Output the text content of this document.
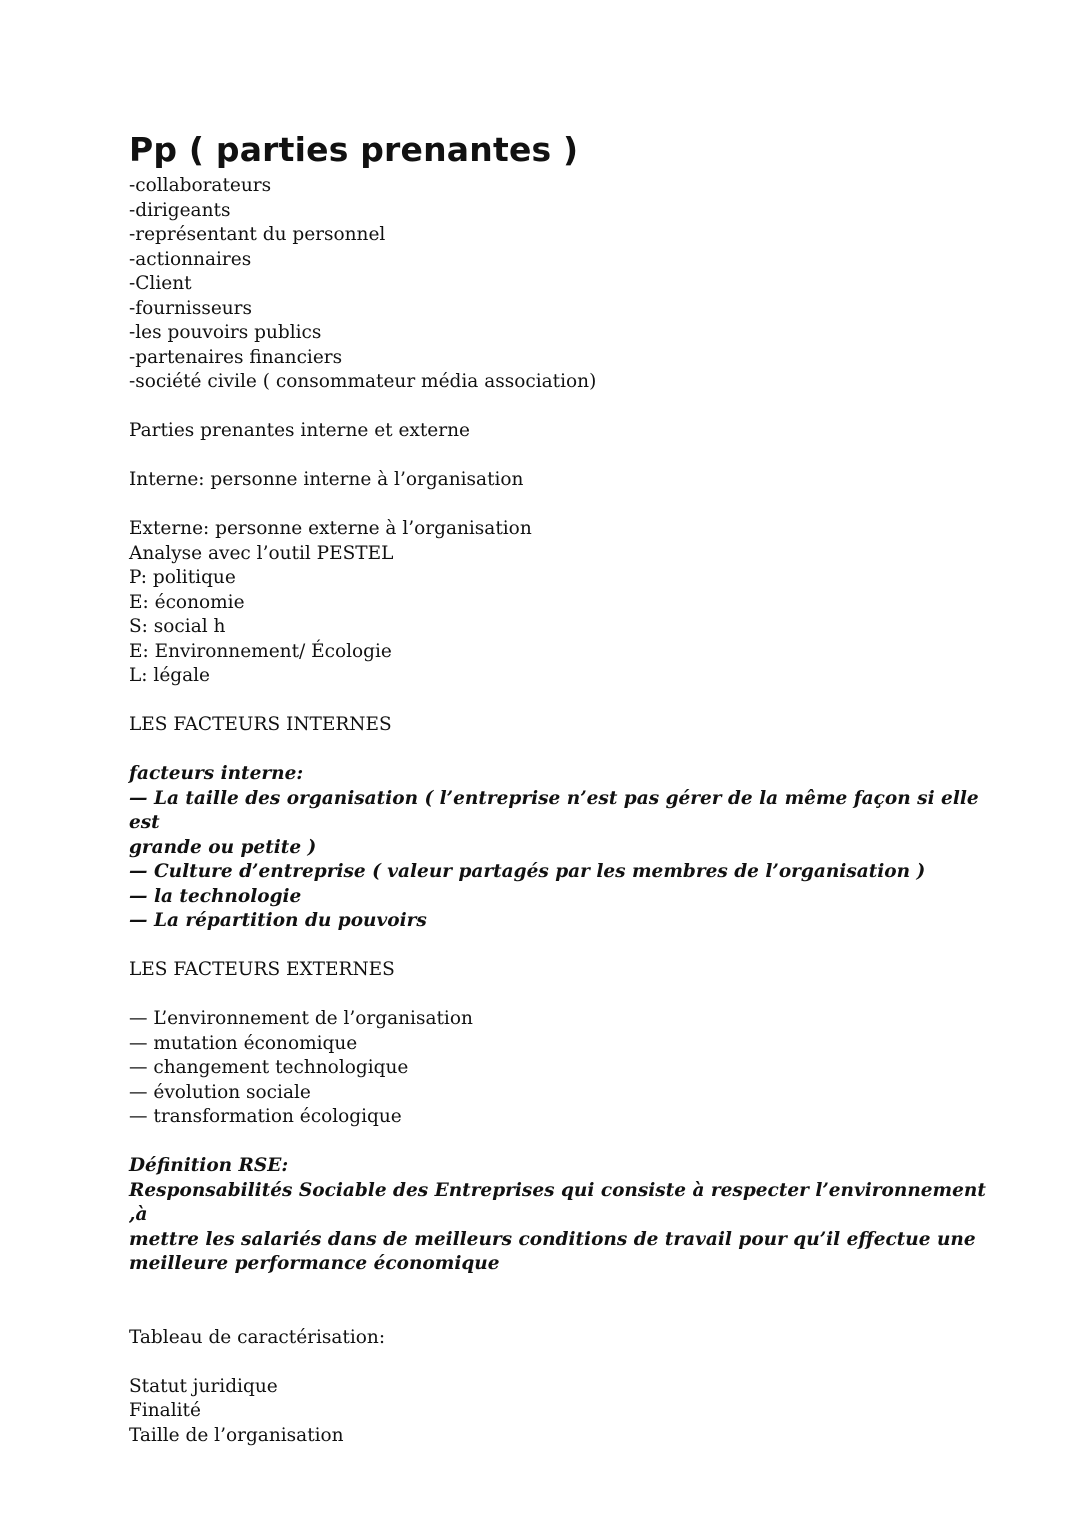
Pp ( parties prenantes )

-collaborateurs

-dirigeants

-représentant du personnel

-actionnaires

-Client

-fournisseurs

-les pouvoirs publics

-partenaires financiers

-société civile ( consommateur média association)

Parties prenantes interne et externe

Interne: personne interne à l’organisation

Externe: personne externe à l’organisation

Analyse avec l’outil PESTEL

P: politique

E: économie

S: social h

E: Environnement/ Écologie

L: légale

LES FACTEURS INTERNES

facteurs interne:

— La taille des organisation ( l’entreprise n’est pas gérer de la même façon si elle est

grande ou petite )

— Culture d’entreprise ( valeur partagés par les membres de l’organisation )

— la technologie

— La répartition du pouvoirs

LES FACTEURS EXTERNES

— L’environnement de l’organisation

— mutation économique

— changement technologique

— évolution sociale

— transformation écologique

Définition RSE:

Responsabilités Sociable des Entreprises qui consiste à respecter l’environnement ,à

mettre les salariés dans de meilleurs conditions de travail pour qu’il effectue une

meilleure performance économique

Tableau de caractérisation:

Statut juridique

Finalité

Taille de l’organisation
